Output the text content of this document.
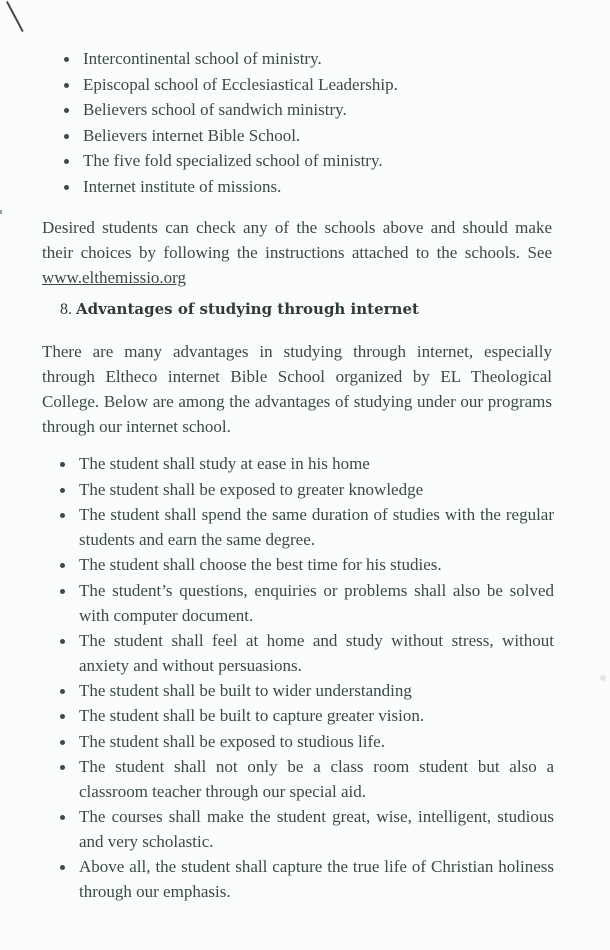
Intercontinental school of ministry.
Episcopal school of Ecclesiastical Leadership.
Believers school of sandwich ministry.
Believers internet Bible School.
The five fold specialized school of ministry.
Internet institute of missions.

Desired students can check any of the schools above and should make their choices by following the instructions attached to the schools. See www.elthemissio.org

8. Advantages of studying through internet

There are many advantages in studying through internet, especially through Eltheco internet Bible School organized by EL Theological College. Below are among the advantages of studying under our programs through our internet school.

The student shall study at ease in his home
The student shall be exposed to greater knowledge
The student shall spend the same duration of studies with the regular students and earn the same degree.
The student shall choose the best time for his studies.
The student’s questions, enquiries or problems shall also be solved with computer document.
The student shall feel at home and study without stress, without anxiety and without persuasions.
The student shall be built to wider understanding
The student shall be built to capture greater vision.
The student shall be exposed to studious life.
The student shall not only be a class room student but also a classroom teacher through our special aid.
The courses shall make the student great, wise, intelligent, studious and very scholastic.
Above all, the student shall capture the true life of Christian holiness through our emphasis.
